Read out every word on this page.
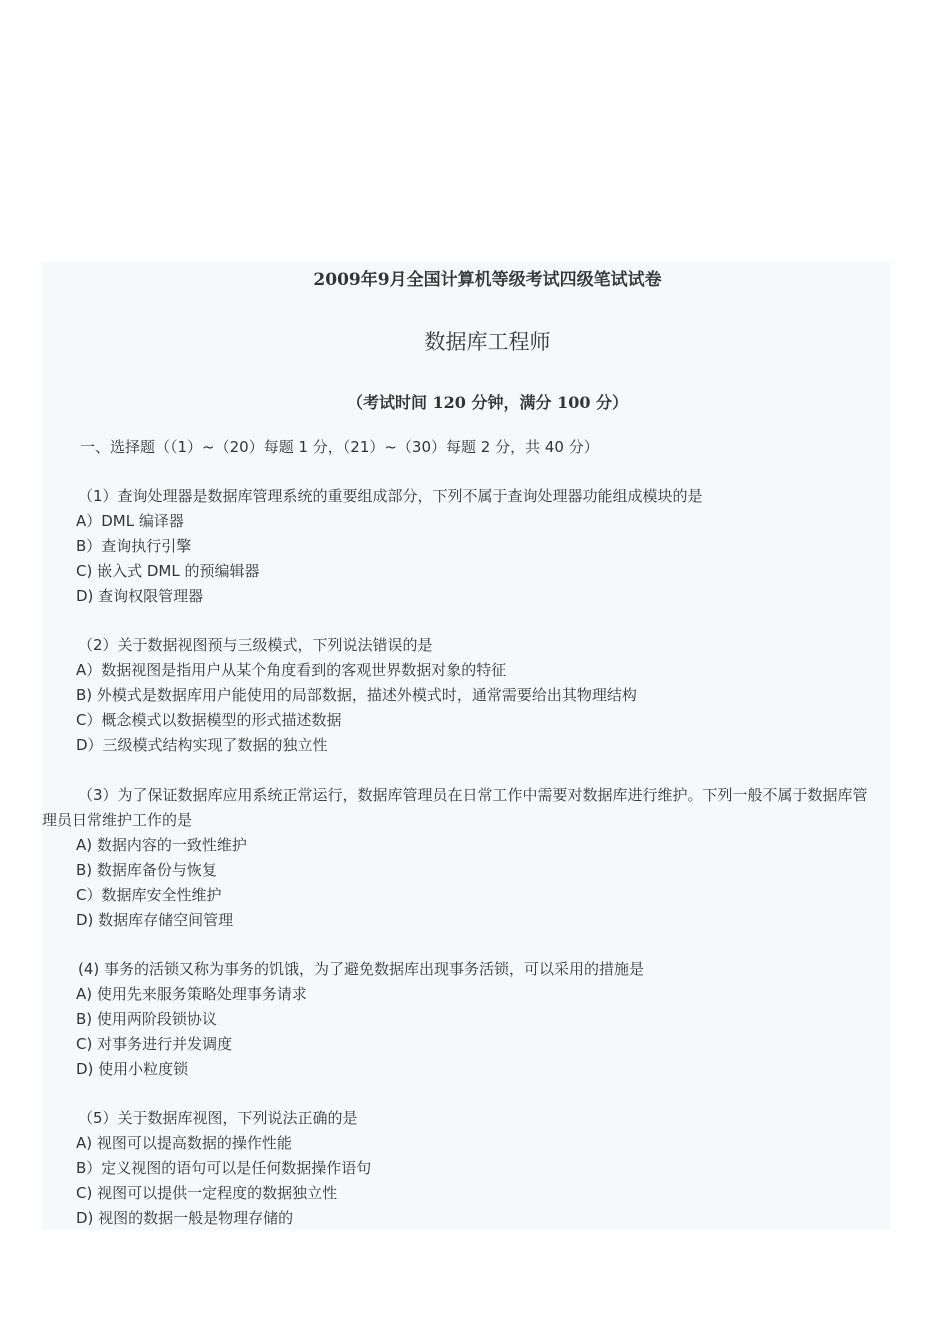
2009年9月全国计算机等级考试四级笔试试卷
数据库工程师
（考试时间 120 分钟，满分 100 分）
一、选择题（（1）~（20）每题 1 分，（21）~（30）每题 2 分，共 40 分）
（1）查询处理器是数据库管理系统的重要组成部分，下列不属于查询处理器功能组成模块的是
A）DML 编译器
B）查询执行引擎
C) 嵌入式 DML 的预编辑器
D) 查询权限管理器
（2）关于数据视图预与三级模式，下列说法错误的是
A）数据视图是指用户从某个角度看到的客观世界数据对象的特征
B) 外模式是数据库用户能使用的局部数据，描述外模式时，通常需要给出其物理结构
C）概念模式以数据模型的形式描述数据
D）三级模式结构实现了数据的独立性
（3）为了保证数据库应用系统正常运行，数据库管理员在日常工作中需要对数据库进行维护。下列一般不属于数据库管理员日常维护工作的是
A) 数据内容的一致性维护
B) 数据库备份与恢复
C）数据库安全性维护
D) 数据库存储空间管理
(4) 事务的活锁又称为事务的饥饿，为了避免数据库出现事务活锁，可以采用的措施是
A) 使用先来服务策略处理事务请求
B) 使用两阶段锁协议
C) 对事务进行并发调度
D) 使用小粒度锁
（5）关于数据库视图，下列说法正确的是
A) 视图可以提高数据的操作性能
B）定义视图的语句可以是任何数据操作语句
C) 视图可以提供一定程度的数据独立性
D) 视图的数据一般是物理存储的
